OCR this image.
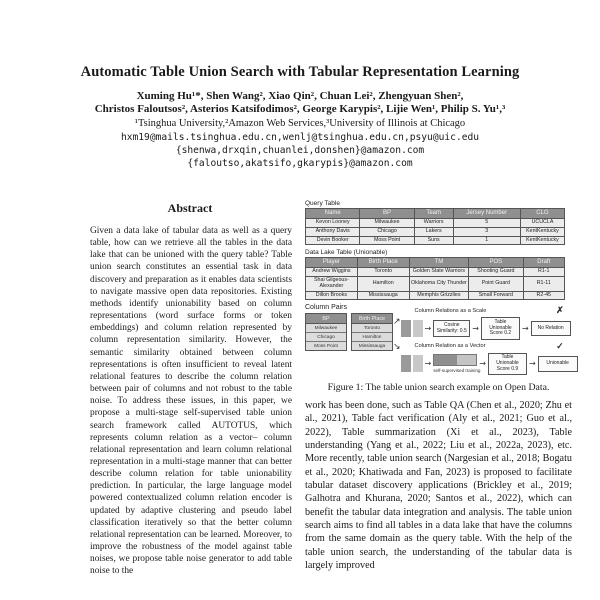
Automatic Table Union Search with Tabular Representation Learning
Xuming Hu¹*, Shen Wang², Xiao Qin², Chuan Lei², Zhengyuan Shen²,
Christos Faloutsos², Asterios Katsifodimos², George Karypis², Lijie Wen¹, Philip S. Yu¹,³
¹Tsinghua University,²Amazon Web Services,³University of Illinois at Chicago
hxm19@mails.tsinghua.edu.cn,wenlj@tsinghua.edu.cn,psyu@uic.edu
{shenwa,drxqin,chuanlei,donshen}@amazon.com
{faloutso,akatsifo,gkarypis}@amazon.com
Abstract
Given a data lake of tabular data as well as a query table, how can we retrieve all the tables in the data lake that can be unioned with the query table? Table union search constitutes an essential task in data discovery and preparation as it enables data scientists to navigate massive open data repositories. Existing methods identify unionability based on column representations (word surface forms or token embeddings) and column relation represented by column representation similarity. However, the semantic similarity obtained between column representations is often insufficient to reveal latent relational features to describe the column relation between pair of columns and not robust to the table noise. To address these issues, in this paper, we propose a multi-stage self-supervised table union search framework called AUTOTUS, which represents column relation as a vector– column relational representation and learn column relational representation in a multi-stage manner that can better describe column relation for table unionability prediction. In particular, the large language model powered contextualized column relation encoder is updated by adaptive clustering and pseudo label classification iteratively so that the better column relational representation can be learned. Moreover, to improve the robustness of the model against table noises, we propose table noise generator to add table noise to the
Query Table
Name	BP	Team	Jersey Number	CLG
Kevon Looney	Milwaukee	Warriors	5	UCUCLA
Anthony Davis	Chicago	Lakers	3	KentKentucky
Devin Booker	Moss Point	Suns	1	KentKentucky
Data Lake Table (Unionable)
Player	Birth Place	TM	POS	Draft
Andrew Wiggins	Toronto	Golden State Warriors	Shooting Guard	R1-1
Shai Gilgeous-Alexander	Hamilton	Oklahoma City Thunder	Point Guard	R1-11
Dillon Brooks	Mississauga	Memphis Grizzlies	Small Forward	R2-45
Column Pairs
BP
Milwaukee
Chicago
Moss Point
Birth Place
Toronto
Hamilton
Mississauga
↗
↘
Column Relations as a Scale	✗
→	Cosine Similarity: 0.5 →
Table Unionable Score 0.2
→	No Relation
Column Relation as a Vector	✓
→
self-supervised training
→
Table Unionable Score 0.9
→	Unionable
Figure 1: The table union search example on Open Data.
work has been done, such as Table QA (Chen et al., 2020; Zhu et al., 2021), Table fact verification (Aly et al., 2021; Guo et al., 2022), Table summarization (Xi et al., 2023), Table understanding (Yang et al., 2022; Liu et al., 2022a, 2023), etc. More recently, table union search (Nargesian et al., 2018; Bogatu et al., 2020; Khatiwada and Fan, 2023) is proposed to facilitate tabular dataset discovery applications (Brickley et al., 2019; Galhotra and Khurana, 2020; Santos et al., 2022), which can benefit the tabular data integration and analysis. The table union search aims to find all tables in a data lake that have the columns from the same domain as the query table. With the help of the table union search, the understanding of the tabular data is largely improved
